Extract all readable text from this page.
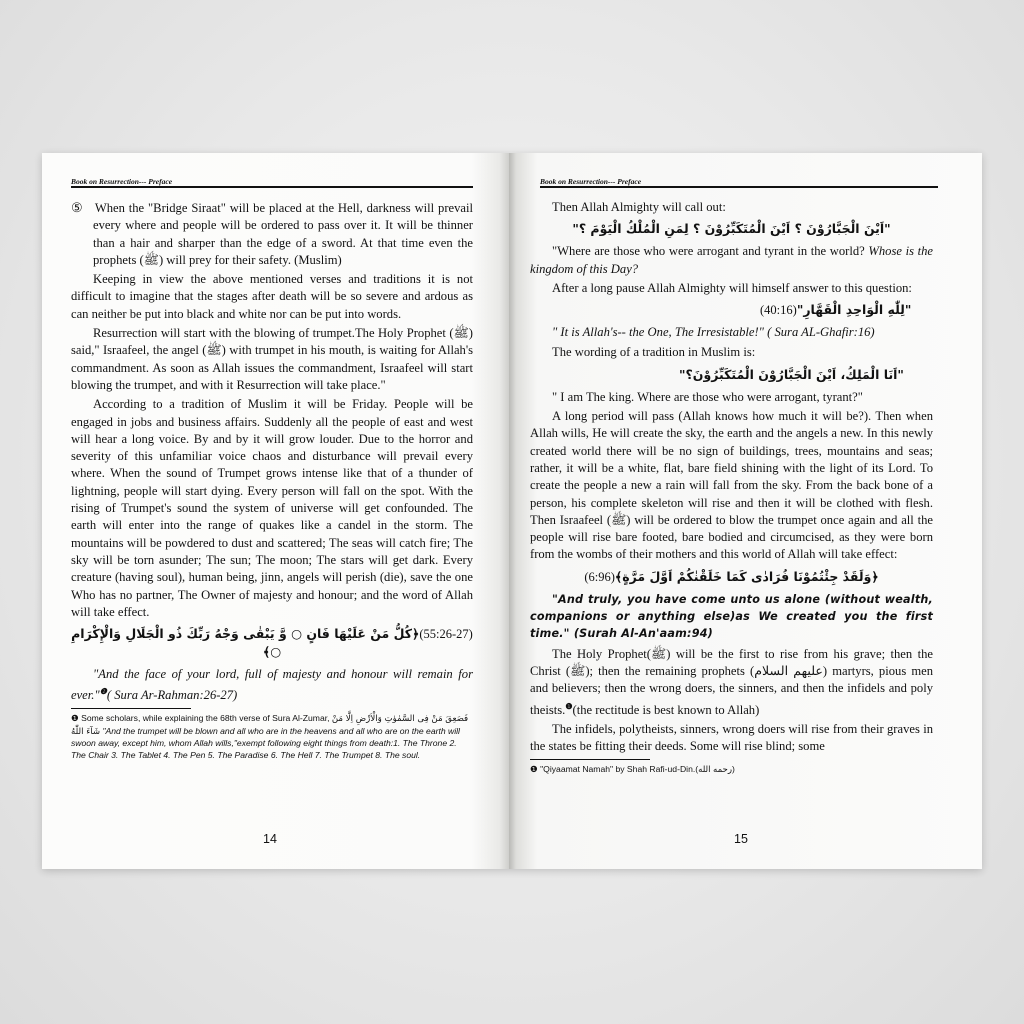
Book on Resurrection--- Preface

⑤ When the "Bridge Siraat" will be placed at the Hell, darkness will prevail every where and people will be ordered to pass over it. It will be thinner than a hair and sharper than the edge of a sword. At that time even the prophets (ﷺ) will prey for their safety. (Muslim)

Keeping in view the above mentioned verses and traditions it is not difficult to imagine that the stages after death will be so severe and ardous as can neither be put into black and white nor can be put into words.

Resurrection will start with the blowing of trumpet.The Holy Prophet (ﷺ) said," Israafeel, the angel (ﷺ) with trumpet in his mouth, is waiting for Allah's commandment. As soon as Allah issues the commandment, Israafeel will start blowing the trumpet, and with it Resurrection will take place."

According to a tradition of Muslim it will be Friday. People will be engaged in jobs and business affairs. Suddenly all the people of east and west will hear a long voice. By and by it will grow louder. Due to the horror and severity of this unfamiliar voice chaos and disturbance will prevail every where. When the sound of Trumpet grows intense like that of a thunder of lightning, people will start dying. Every person will fall on the spot. With the rising of Trumpet's sound the system of universe will get confounded. The earth will enter into the range of quakes like a candel in the storm. The mountains will be powdered to dust and scattered; The seas will catch fire; The sky will be torn asunder; The sun; The moon; The stars will get dark. Every creature (having soul), human being, jinn, angels will perish (die), save the one Who has no partner, The Owner of majesty and honour; and the word of Allah will take effect.

(55:26-27)﴿كُلُّ مَنْ عَلَيْهَا فَانٍ ○ وَّ يَبْقٰى وَجْهُ رَبِّكَ ذُو الْجَلَالِ وَالْإِكْرَامِ ○﴾

"And the face of your lord, full of majesty and honour will remain for ever."$^❶$( Sura Ar-Rahman:26-27)

❶ Some scholars, while explaining the 68th verse of Sura Al-Zumar, فَصَعِقَ مَنْ فِى السَّمٰوٰتِ وَالْاَرْضِ اِلَّا مَنْ شَآءَ اللّٰهُ "And the trumpet will be blown and all who are in the heavens and all who are on the earth will swoon away, except him, whom Allah wills,"exempt following eight things from death:1. The Throne 2. The Chair 3. The Tablet 4. The Pen 5. The Paradise 6. The Hell 7. The Trumpet 8. The soul.
14
Book on Resurrection--- Preface

Then Allah Almighty will call out:

"اَيْنَ الْجَبَّارُوْنَ ؟ اَيْنَ الْمُتَكَبِّرُوْنَ ؟ لِمَنِ الْمُلْكُ الْيَوْمَ ؟"

"Where are those who were arrogant and tyrant in the world? Whose is the kingdom of this Day?

After a long pause Allah Almighty will himself answer to this question:

"لِلّٰهِ الْوَاحِدِ الْقَهَّارِ"(40:16)

" It is Allah's-- the One, The Irresistable!" ( Sura AL-Ghafir:16)

The wording of a tradition in Muslim is:

"اَنَا الْمَلِكُ، اَيْنَ الْجَبَّارُوْنَ الْمُتَكَبِّرُوْنَ؟"

" I am The king. Where are those who were arrogant, tyrant?"

A long period will pass (Allah knows how much it will be?). Then when Allah wills, He will create the sky, the earth and the angels a new. In this newly created world there will be no sign of buildings, trees, mountains and seas; rather, it will be a white, flat, bare field shining with the light of its Lord. To create the people a new a rain will fall from the sky. From the back bone of a person, his complete skeleton will rise and then it will be clothed with flesh. Then Israafeel (ﷺ) will be ordered to blow the trumpet once again and all the people will rise bare footed, bare bodied and circumcised, as they were born from the wombs of their mothers and this world of Allah will take effect:

﴿وَلَقَدْ جِئْتُمُوْنَا فُرَادٰى كَمَا خَلَقْنٰكُمْ اَوَّلَ مَرَّةٍ﴾(6:96)

"And truly, you have come unto us alone (without wealth, companions or anything else)as We created you the first time." (Surah Al-An'aam:94)

The Holy Prophet(ﷺ) will be the first to rise from his grave; then the Christ (ﷺ); then the remaining prophets (عليهم السلام) martyrs, pious men and believers; then the wrong doers, the sinners, and then the infidels and poly theists.$^❶$(the rectitude is best known to Allah)

The infidels, polytheists, sinners, wrong doers will rise from their graves in the states be fitting their deeds. Some will rise blind; some

❶ "Qiyaamat Namah" by Shah Rafi-ud-Din.(رحمه الله)
15
